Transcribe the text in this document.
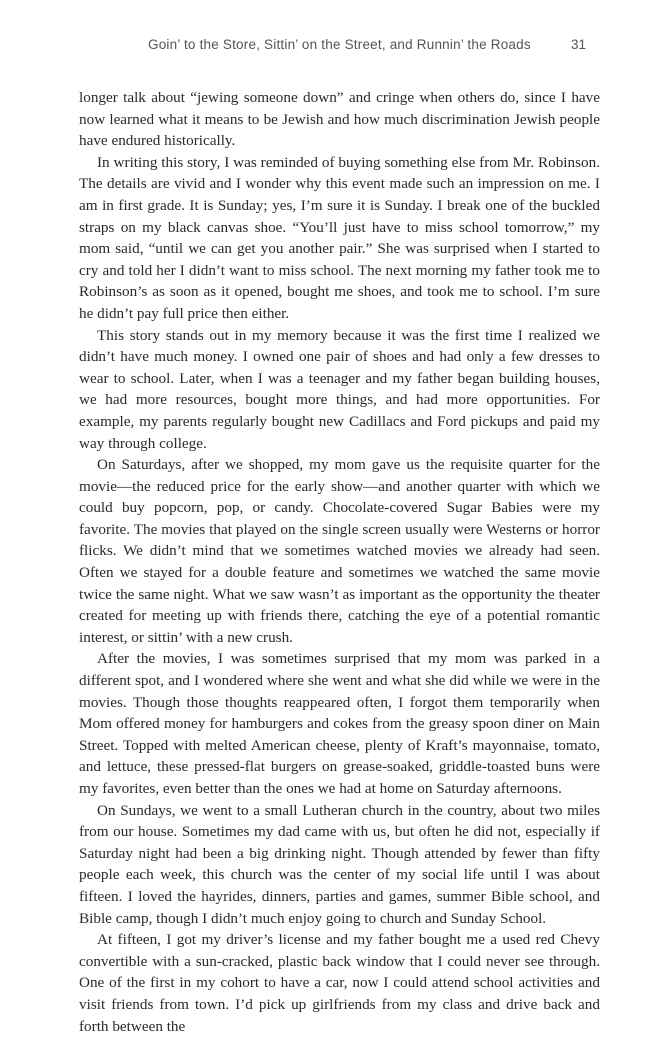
Goin’ to the Store, Sittin’ on the Street, and Runnin’ the Roads	31

longer talk about “jewing someone down” and cringe when others do, since I have now learned what it means to be Jewish and how much discrimination Jewish people have endured historically.

In writing this story, I was reminded of buying something else from Mr. Robinson. The details are vivid and I wonder why this event made such an impression on me. I am in first grade. It is Sunday; yes, I’m sure it is Sunday. I break one of the buckled straps on my black canvas shoe. “You’ll just have to miss school tomorrow,” my mom said, “until we can get you another pair.” She was surprised when I started to cry and told her I didn’t want to miss school. The next morning my father took me to Robinson’s as soon as it opened, bought me shoes, and took me to school. I’m sure he didn’t pay full price then either.

This story stands out in my memory because it was the first time I realized we didn’t have much money. I owned one pair of shoes and had only a few dresses to wear to school. Later, when I was a teenager and my father began building houses, we had more resources, bought more things, and had more opportunities. For example, my parents regularly bought new Cadillacs and Ford pickups and paid my way through college.

On Saturdays, after we shopped, my mom gave us the requisite quarter for the movie—the reduced price for the early show—and another quarter with which we could buy popcorn, pop, or candy. Chocolate-covered Sugar Babies were my favorite. The movies that played on the single screen usually were Westerns or horror flicks. We didn’t mind that we sometimes watched movies we already had seen. Often we stayed for a double feature and sometimes we watched the same movie twice the same night. What we saw wasn’t as important as the opportunity the theater created for meeting up with friends there, catching the eye of a potential romantic interest, or sittin’ with a new crush.

After the movies, I was sometimes surprised that my mom was parked in a different spot, and I wondered where she went and what she did while we were in the movies. Though those thoughts reappeared often, I forgot them temporarily when Mom offered money for hamburgers and cokes from the greasy spoon diner on Main Street. Topped with melted American cheese, plenty of Kraft’s mayonnaise, tomato, and lettuce, these pressed-flat burgers on grease-soaked, griddle-toasted buns were my favorites, even better than the ones we had at home on Saturday afternoons.

On Sundays, we went to a small Lutheran church in the country, about two miles from our house. Sometimes my dad came with us, but often he did not, especially if Saturday night had been a big drinking night. Though attended by fewer than fifty people each week, this church was the center of my social life until I was about fifteen. I loved the hayrides, dinners, parties and games, summer Bible school, and Bible camp, though I didn’t much enjoy going to church and Sunday School.

At fifteen, I got my driver’s license and my father bought me a used red Chevy convertible with a sun-cracked, plastic back window that I could never see through. One of the first in my cohort to have a car, now I could attend school activities and visit friends from town. I’d pick up girlfriends from my class and drive back and forth between the
